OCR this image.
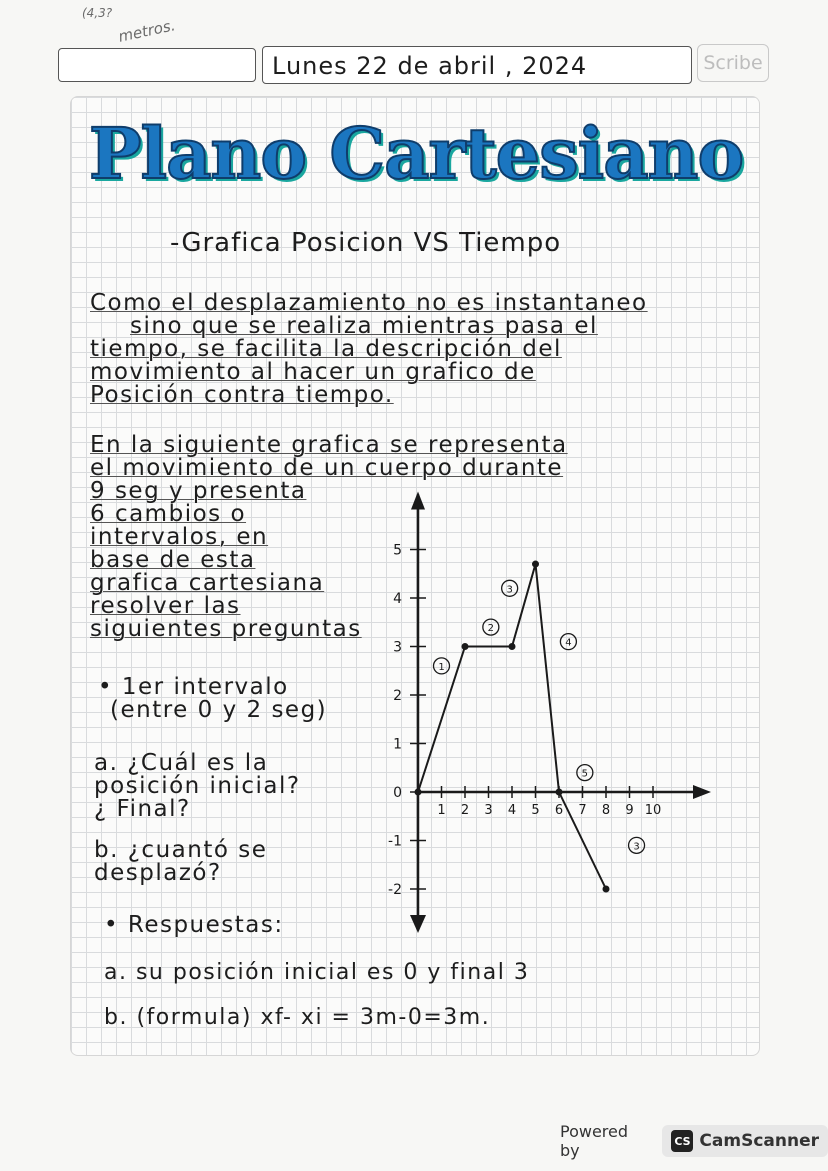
(4,3?
metros.
Lunes 22 de abril , 2024	Scribe
Plano Cartesiano
-Grafica Posicion VS Tiempo
Como el desplazamiento no es instantaneo
sino que se realiza mientras pasa el
tiempo, se facilita la descripción del
movimiento al hacer un grafico de
Posición contra tiempo.
En la siguiente grafica se representa
el movimiento de un cuerpo durante
9 seg y presenta
6 cambios o
intervalos, en
base de esta
grafica cartesiana
resolver las
siguientes preguntas
• 1er intervalo
(entre 0 y 2 seg)
a. ¿Cuál es la
posición inicial?
¿ Final?
b. ¿cuantó se
desplazó?
• Respuestas:
a. su posición inicial es 0 y final 3
b. (formula) xf- xi = 3m-0=3m.
1 2 3 4 5 6 7 8 9 10
5
4
3
2
1
0
-1
-2
1
2
3
4
5
3
Powered by	CS CamScanner
